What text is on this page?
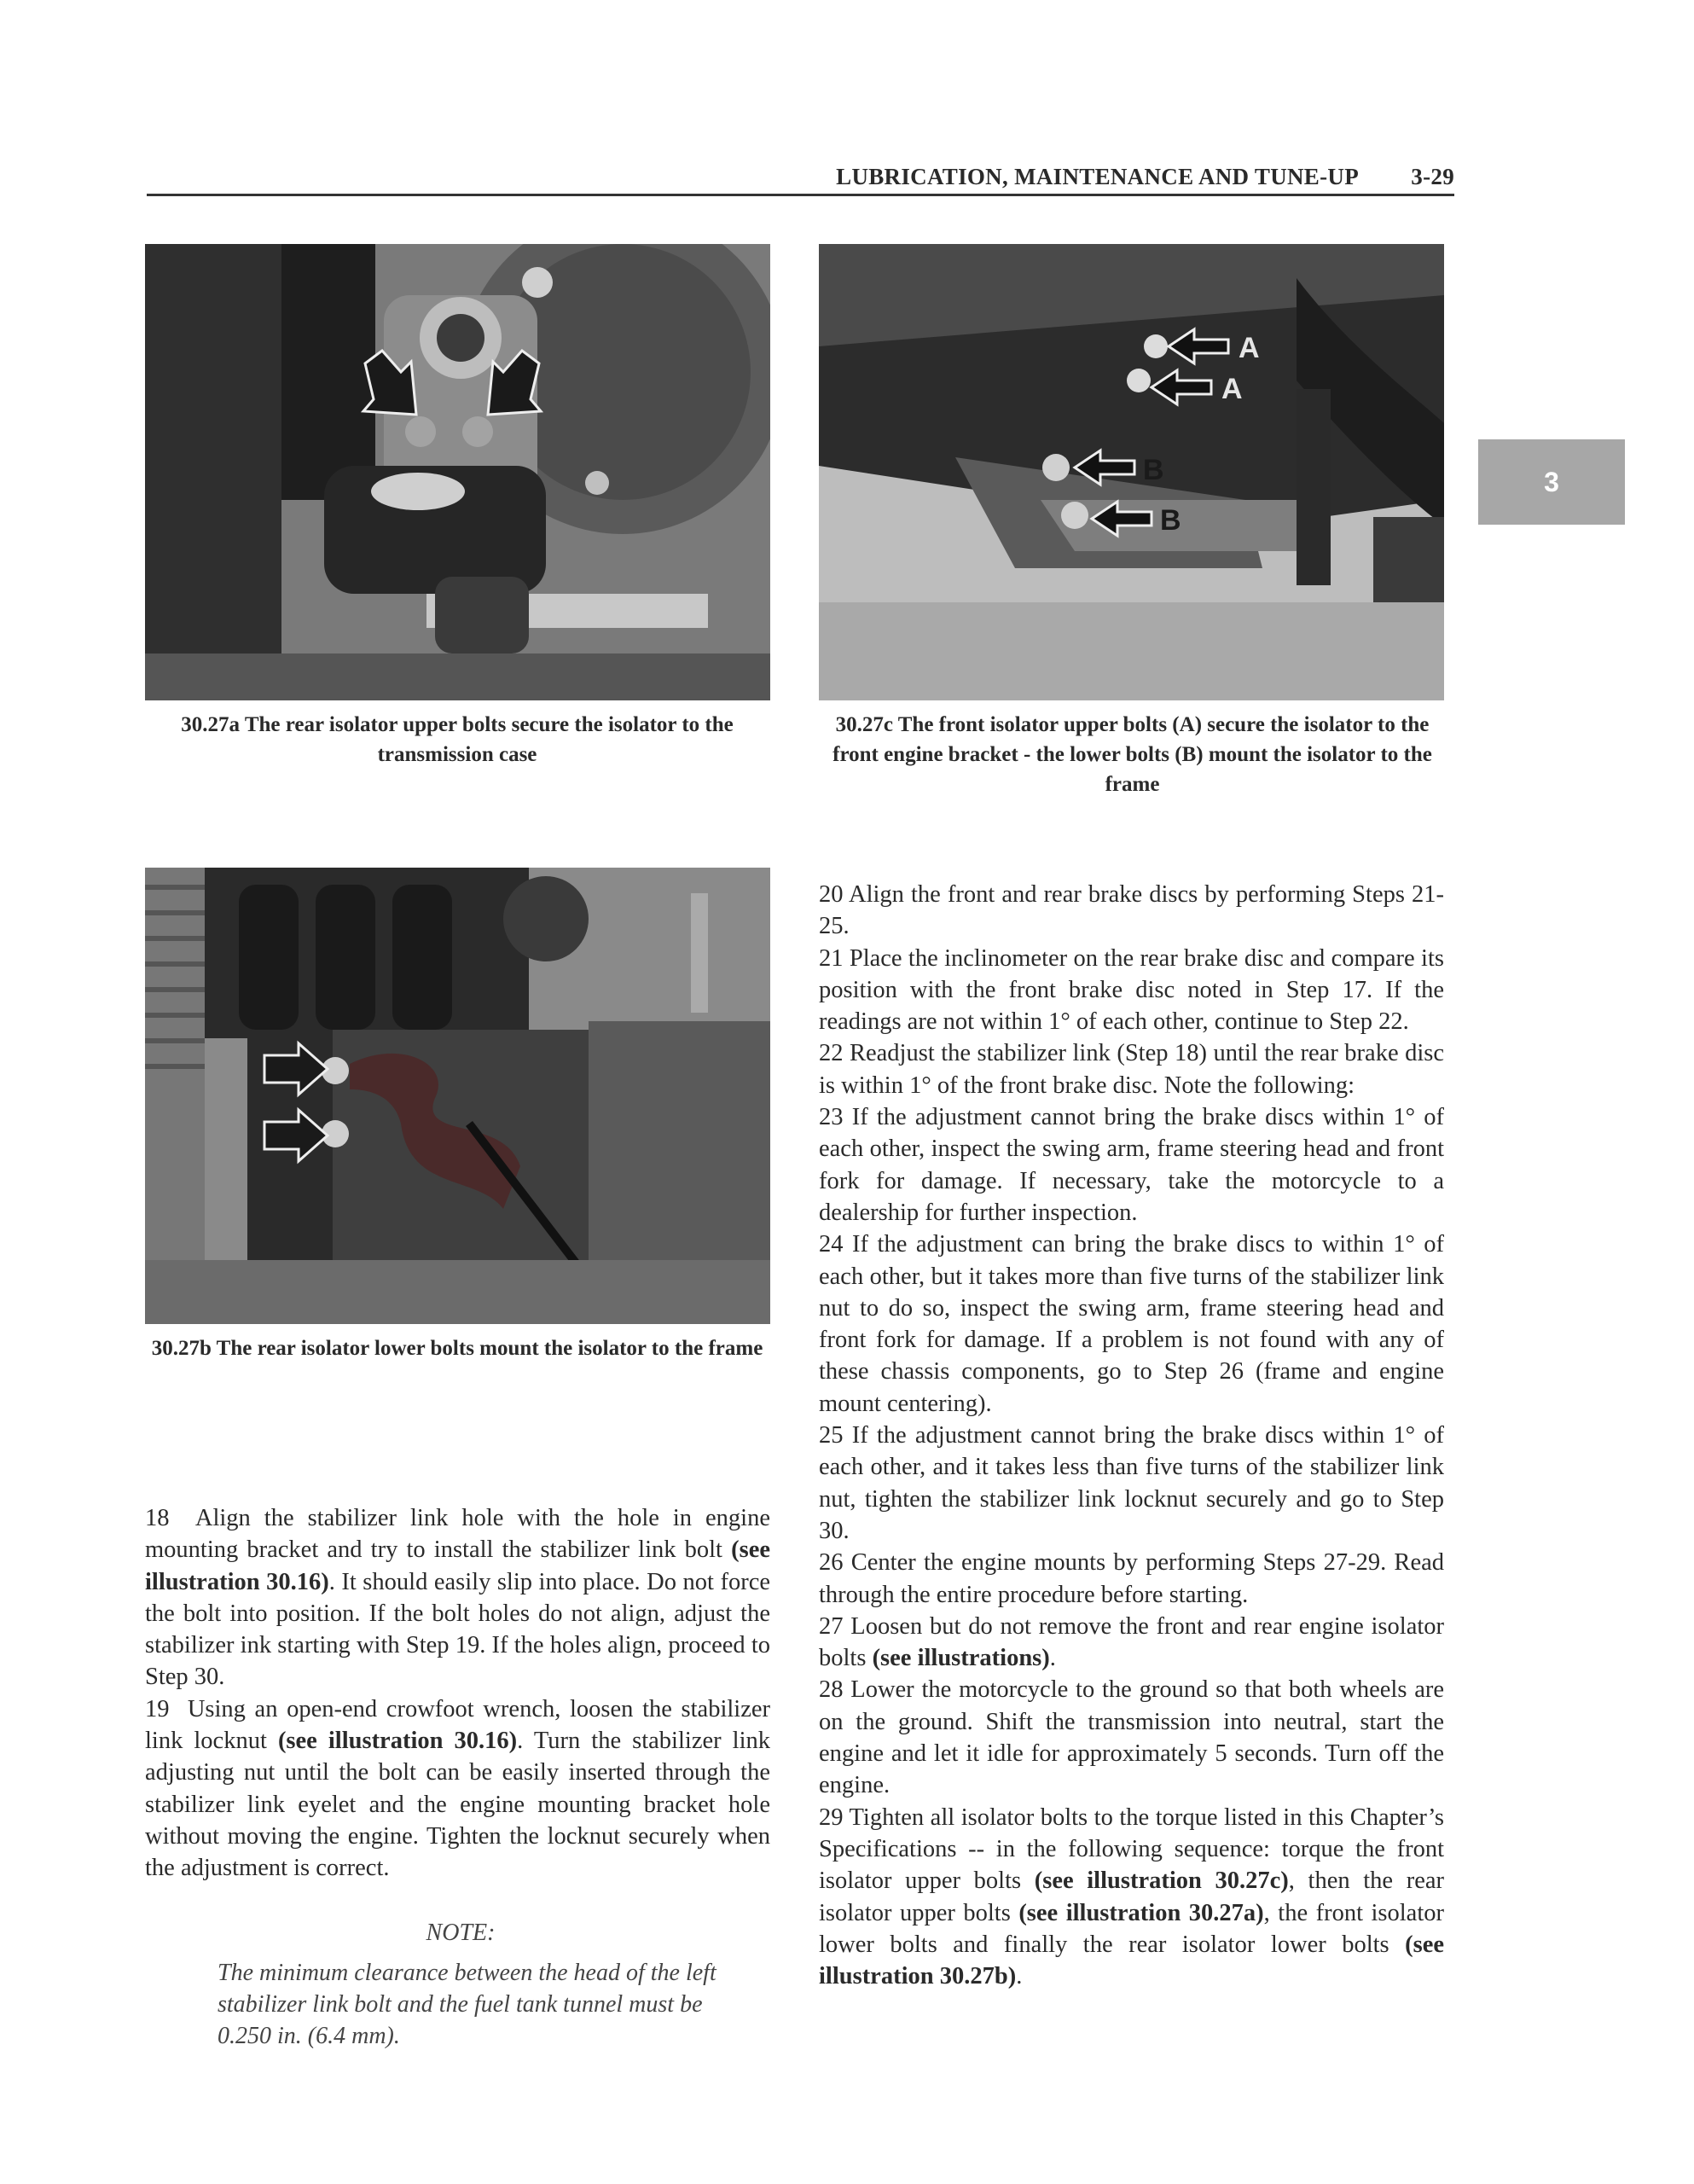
LUBRICATION, MAINTENANCE AND TUNE-UP 3-29
3
30.27a The rear isolator upper bolts secure the isolator to the transmission case
A
A
B
B
30.27c The front isolator upper bolts (A) secure the isolator to the front engine bracket - the lower bolts (B) mount the isolator to the frame
30.27b The rear isolator lower bolts mount the isolator to the frame

18 Align the stabilizer link hole with the hole in engine mounting bracket and try to install the stabilizer link bolt (see illustration 30.16). It should easily slip into place. Do not force the bolt into position. If the bolt holes do not align, adjust the stabilizer ink starting with Step 19. If the holes align, proceed to Step 30.

19 Using an open-end crowfoot wrench, loosen the stabilizer link locknut (see illustration 30.16). Turn the stabilizer link adjusting nut until the bolt can be easily inserted through the stabilizer link eyelet and the engine mounting bracket hole without moving the engine. Tighten the locknut securely when the adjustment is correct.

NOTE:
The minimum clearance between the head of the left stabilizer link bolt and the fuel tank tunnel must be 0.250 in. (6.4 mm).

20 Align the front and rear brake discs by performing Steps 21-25.

21 Place the inclinometer on the rear brake disc and compare its position with the front brake disc noted in Step 17. If the readings are not within 1° of each other, continue to Step 22.

22 Readjust the stabilizer link (Step 18) until the rear brake disc is within 1° of the front brake disc. Note the following:

23 If the adjustment cannot bring the brake discs within 1° of each other, inspect the swing arm, frame steering head and front fork for damage. If necessary, take the motorcycle to a dealership for further inspection.

24 If the adjustment can bring the brake discs to within 1° of each other, but it takes more than five turns of the stabilizer link nut to do so, inspect the swing arm, frame steering head and front fork for damage. If a problem is not found with any of these chassis components, go to Step 26 (frame and engine mount centering).

25 If the adjustment cannot bring the brake discs within 1° of each other, and it takes less than five turns of the stabilizer link nut, tighten the stabilizer link locknut securely and go to Step 30.

26 Center the engine mounts by performing Steps 27-29. Read through the entire procedure before starting.

27 Loosen but do not remove the front and rear engine isolator bolts (see illustrations).

28 Lower the motorcycle to the ground so that both wheels are on the ground. Shift the transmission into neutral, start the engine and let it idle for approximately 5 seconds. Turn off the engine.

29 Tighten all isolator bolts to the torque listed in this Chapter’s Specifications -- in the following sequence: torque the front isolator upper bolts (see illustration 30.27c), then the rear isolator upper bolts (see illustration 30.27a), the front isolator lower bolts and finally the rear isolator lower bolts (see illustration 30.27b).
